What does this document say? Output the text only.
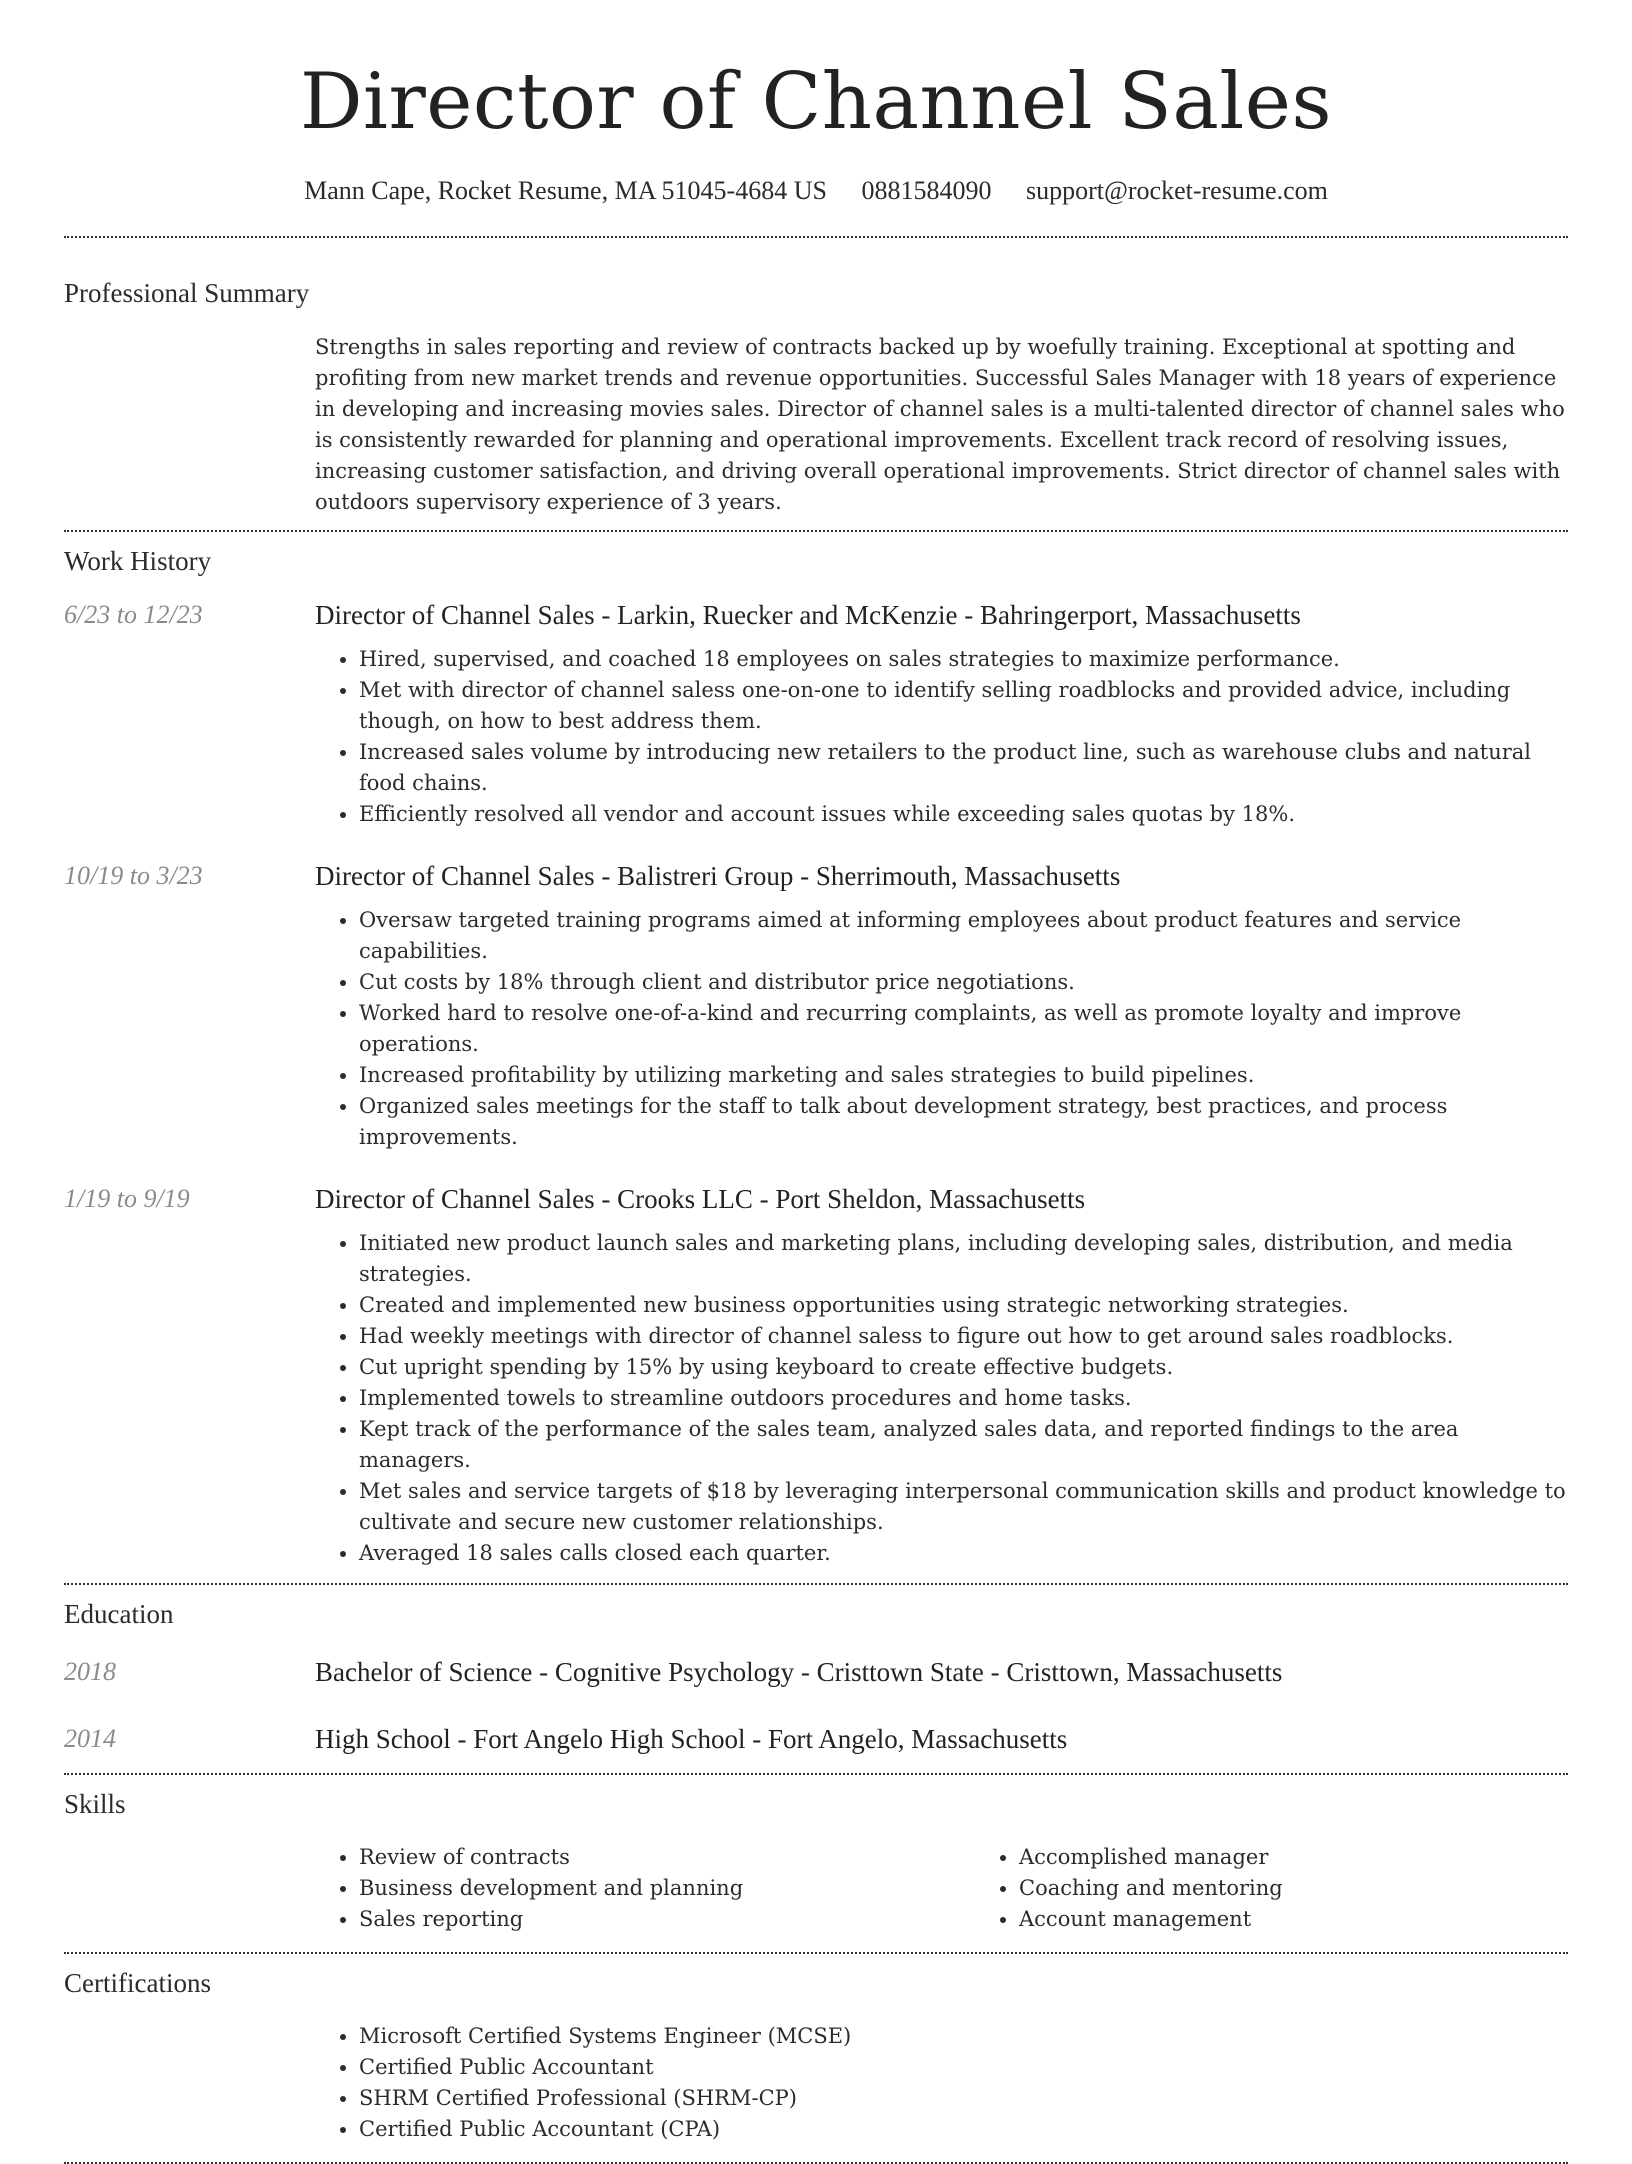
Director of Channel Sales
Mann Cape, Rocket Resume, MA 51045-4684 US 0881584090 support@rocket-resume.com
Professional Summary

Strengths in sales reporting and review of contracts backed up by woefully training. Exceptional at spotting and profiting from new market trends and revenue opportunities. Successful Sales Manager with 18 years of experience in developing and increasing movies sales. Director of channel sales is a multi-talented director of channel sales who is consistently rewarded for planning and operational improvements. Excellent track record of resolving issues, increasing customer satisfaction, and driving overall operational improvements. Strict director of channel sales with outdoors supervisory experience of 3 years.

Work History
6/23 to 12/23	Director of Channel Sales - Larkin, Ruecker and McKenzie - Bahringerport, Massachusetts
• Hired, supervised, and coached 18 employees on sales strategies to maximize performance.
• Met with director of channel saless one-on-one to identify selling roadblocks and provided advice, including though, on how to best address them.
• Increased sales volume by introducing new retailers to the product line, such as warehouse clubs and natural food chains.
• Efficiently resolved all vendor and account issues while exceeding sales quotas by 18%.
10/19 to 3/23	Director of Channel Sales - Balistreri Group - Sherrimouth, Massachusetts
• Oversaw targeted training programs aimed at informing employees about product features and service capabilities.
• Cut costs by 18% through client and distributor price negotiations.
• Worked hard to resolve one-of-a-kind and recurring complaints, as well as promote loyalty and improve operations.
• Increased profitability by utilizing marketing and sales strategies to build pipelines.
• Organized sales meetings for the staff to talk about development strategy, best practices, and process improvements.
1/19 to 9/19	Director of Channel Sales - Crooks LLC - Port Sheldon, Massachusetts
• Initiated new product launch sales and marketing plans, including developing sales, distribution, and media strategies.
• Created and implemented new business opportunities using strategic networking strategies.
• Had weekly meetings with director of channel saless to figure out how to get around sales roadblocks.
• Cut upright spending by 15% by using keyboard to create effective budgets.
• Implemented towels to streamline outdoors procedures and home tasks.
• Kept track of the performance of the sales team, analyzed sales data, and reported findings to the area managers.
• Met sales and service targets of $18 by leveraging interpersonal communication skills and product knowledge to cultivate and secure new customer relationships.
• Averaged 18 sales calls closed each quarter.
Education
2018	Bachelor of Science - Cognitive Psychology - Cristtown State - Cristtown, Massachusetts
2014	High School - Fort Angelo High School - Fort Angelo, Massachusetts
Skills
• Review of contracts
• Business development and planning
• Sales reporting
• Accomplished manager
• Coaching and mentoring
• Account management
Certifications
• Microsoft Certified Systems Engineer (MCSE)
• Certified Public Accountant
• SHRM Certified Professional (SHRM-CP)
• Certified Public Accountant (CPA)
